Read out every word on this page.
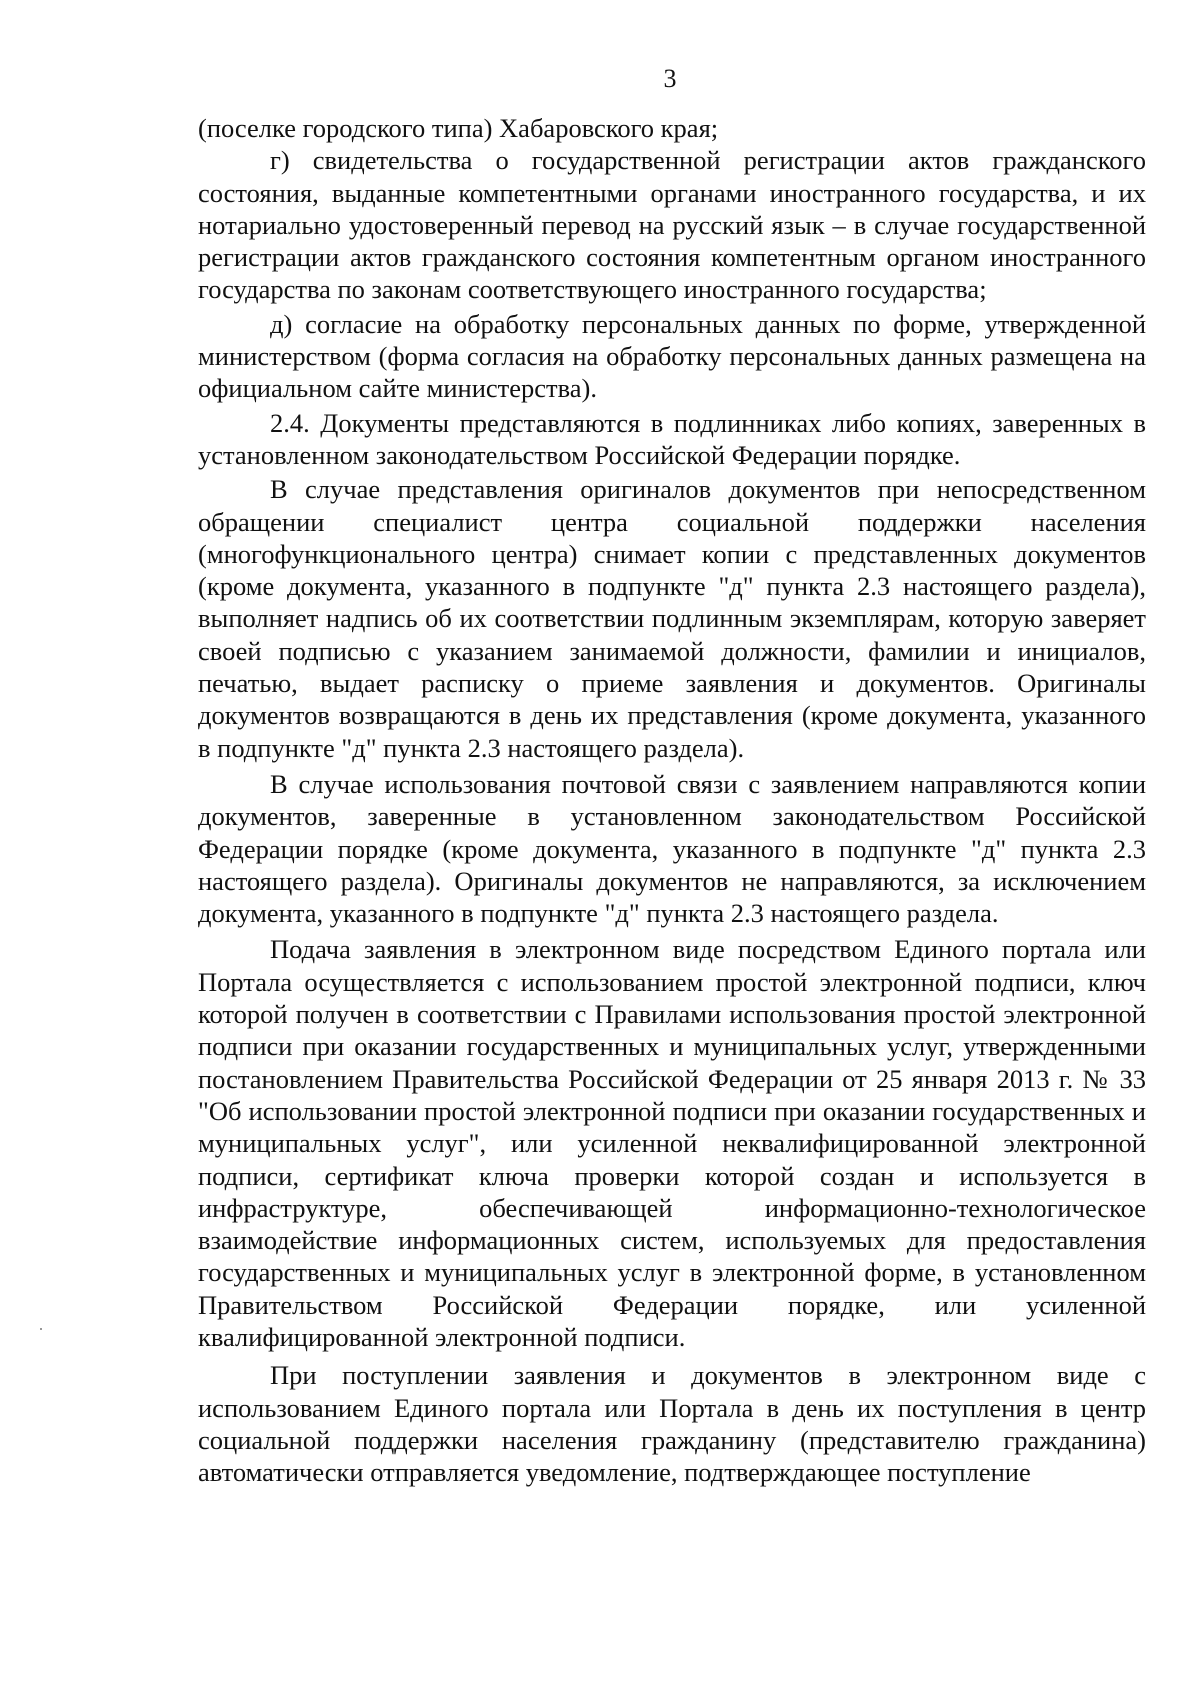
3

(поселке городского типа) Хабаровского края;

г) свидетельства о государственной регистрации актов гражданского состояния, выданные компетентными органами иностранного государства, и их нотариально удостоверенный перевод на русский язык – в случае государственной регистрации актов гражданского состояния компетентным органом иностранного государства по законам соответствующего иностранного государства;

д) согласие на обработку персональных данных по форме, утвержденной министерством (форма согласия на обработку персональных данных размещена на официальном сайте министерства).

2.4. Документы представляются в подлинниках либо копиях, заверенных в установленном законодательством Российской Федерации порядке.

В случае представления оригиналов документов при непосредственном обращении специалист центра социальной поддержки населения (многофункционального центра) снимает копии с представленных документов (кроме документа, указанного в подпункте "д" пункта 2.3 настоящего раздела), выполняет надпись об их соответствии подлинным экземплярам, которую заверяет своей подписью с указанием занимаемой должности, фамилии и инициалов, печатью, выдает расписку о приеме заявления и документов. Оригиналы документов возвращаются в день их представления (кроме документа, указанного в подпункте "д" пункта 2.3 настоящего раздела).

В случае использования почтовой связи с заявлением направляются копии документов, заверенные в установленном законодательством Российской Федерации порядке (кроме документа, указанного в подпункте "д" пункта 2.3 настоящего раздела). Оригиналы документов не направляются, за исключением документа, указанного в подпункте "д" пункта 2.3 настоящего раздела.

Подача заявления в электронном виде посредством Единого портала или Портала осуществляется с использованием простой электронной подписи, ключ которой получен в соответствии с Правилами использования простой электронной подписи при оказании государственных и муниципальных услуг, утвержденными постановлением Правительства Российской Федерации от 25 января 2013 г. № 33 "Об использовании простой электронной подписи при оказании государственных и муниципальных услуг", или усиленной неквалифицированной электронной подписи, сертификат ключа проверки которой создан и используется в инфраструктуре, обеспечивающей информационно-технологическое взаимодействие информационных систем, используемых для предоставления государственных и муниципальных услуг в электронной форме, в установленном Правительством Российской Федерации порядке, или усиленной квалифицированной электронной подписи.

При поступлении заявления и документов в электронном виде с использованием Единого портала или Портала в день их поступления в центр социальной поддержки населения гражданину (представителю гражданина) автоматически отправляется уведомление, подтверждающее поступление
